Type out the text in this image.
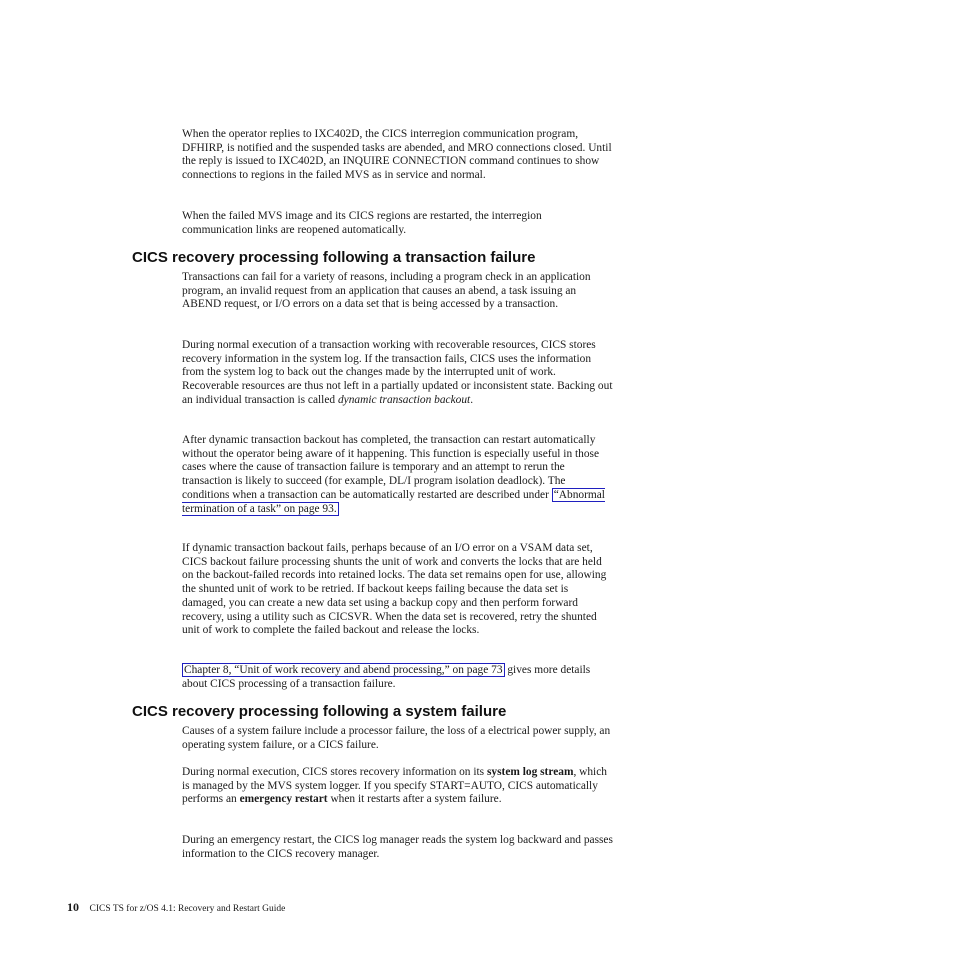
When the operator replies to IXC402D, the CICS interregion communication program, DFHIRP, is notified and the suspended tasks are abended, and MRO connections closed. Until the reply is issued to IXC402D, an INQUIRE CONNECTION command continues to show connections to regions in the failed MVS as in service and normal.

When the failed MVS image and its CICS regions are restarted, the interregion communication links are reopened automatically.

CICS recovery processing following a transaction failure

Transactions can fail for a variety of reasons, including a program check in an application program, an invalid request from an application that causes an abend, a task issuing an ABEND request, or I/O errors on a data set that is being accessed by a transaction.

During normal execution of a transaction working with recoverable resources, CICS stores recovery information in the system log. If the transaction fails, CICS uses the information from the system log to back out the changes made by the interrupted unit of work. Recoverable resources are thus not left in a partially updated or inconsistent state. Backing out an individual transaction is called dynamic transaction backout.

After dynamic transaction backout has completed, the transaction can restart automatically without the operator being aware of it happening. This function is especially useful in those cases where the cause of transaction failure is temporary and an attempt to rerun the transaction is likely to succeed (for example, DL/I program isolation deadlock). The conditions when a transaction can be automatically restarted are described under “Abnormal termination of a task” on page 93.

If dynamic transaction backout fails, perhaps because of an I/O error on a VSAM data set, CICS backout failure processing shunts the unit of work and converts the locks that are held on the backout-failed records into retained locks. The data set remains open for use, allowing the shunted unit of work to be retried. If backout keeps failing because the data set is damaged, you can create a new data set using a backup copy and then perform forward recovery, using a utility such as CICSVR. When the data set is recovered, retry the shunted unit of work to complete the failed backout and release the locks.

Chapter 8, “Unit of work recovery and abend processing,” on page 73 gives more details about CICS processing of a transaction failure.

CICS recovery processing following a system failure

Causes of a system failure include a processor failure, the loss of a electrical power supply, an operating system failure, or a CICS failure.

During normal execution, CICS stores recovery information on its system log stream, which is managed by the MVS system logger. If you specify START=AUTO, CICS automatically performs an emergency restart when it restarts after a system failure.

During an emergency restart, the CICS log manager reads the system log backward and passes information to the CICS recovery manager.

10 CICS TS for z/OS 4.1: Recovery and Restart Guide
